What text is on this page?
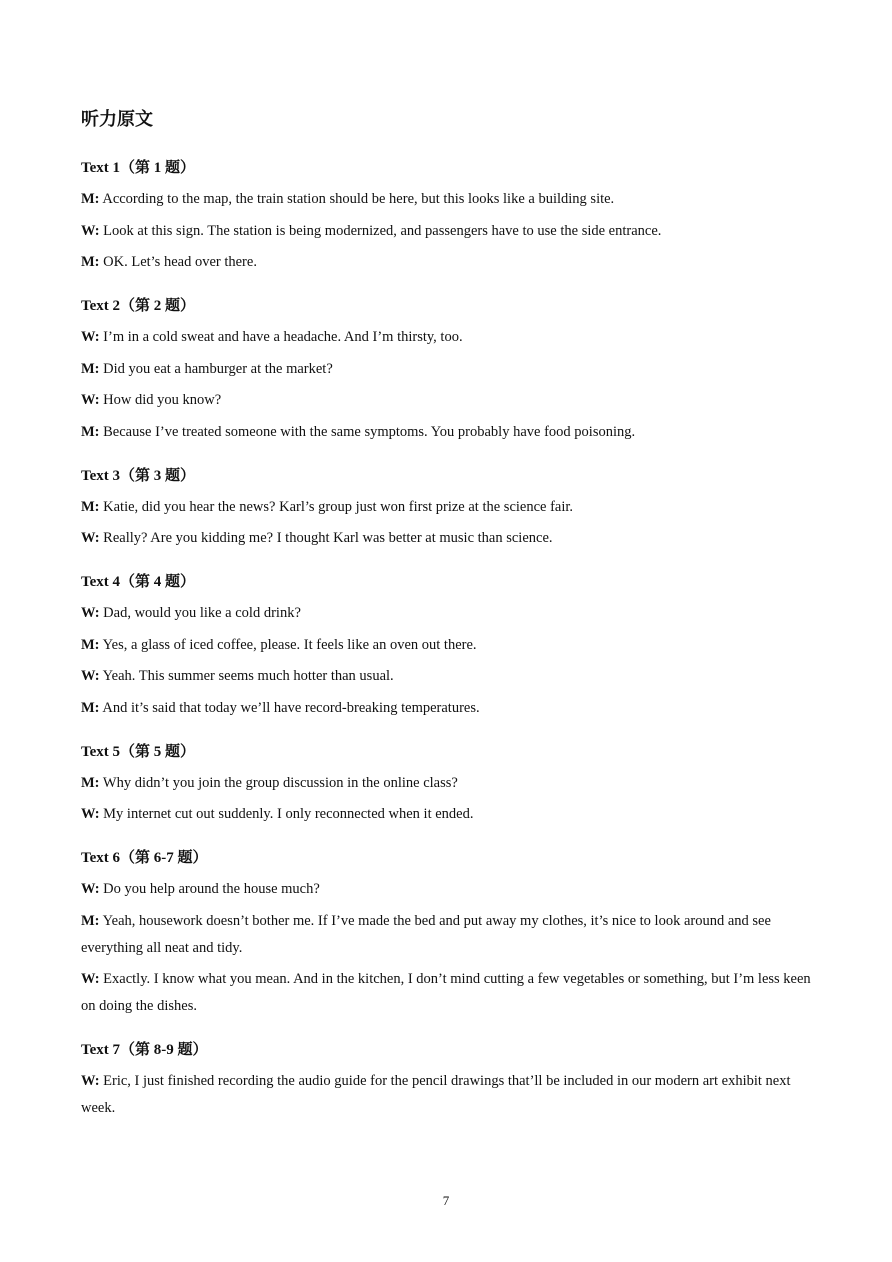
听力原文
Text 1（第 1 题）
M: According to the map, the train station should be here, but this looks like a building site.
W: Look at this sign. The station is being modernized, and passengers have to use the side entrance.
M: OK. Let’s head over there.
Text 2（第 2 题）
W: I’m in a cold sweat and have a headache. And I’m thirsty, too.
M: Did you eat a hamburger at the market?
W: How did you know?
M: Because I’ve treated someone with the same symptoms. You probably have food poisoning.
Text 3（第 3 题）
M: Katie, did you hear the news? Karl’s group just won first prize at the science fair.
W: Really? Are you kidding me? I thought Karl was better at music than science.
Text 4（第 4 题）
W: Dad, would you like a cold drink?
M: Yes, a glass of iced coffee, please. It feels like an oven out there.
W: Yeah. This summer seems much hotter than usual.
M: And it’s said that today we’ll have record-breaking temperatures.
Text 5（第 5 题）
M: Why didn’t you join the group discussion in the online class?
W: My internet cut out suddenly. I only reconnected when it ended.
Text 6（第 6-7 题）
W: Do you help around the house much?
M: Yeah, housework doesn’t bother me. If I’ve made the bed and put away my clothes, it’s nice to look around and see everything all neat and tidy.
W: Exactly. I know what you mean. And in the kitchen, I don’t mind cutting a few vegetables or something, but I’m less keen on doing the dishes.
Text 7（第 8-9 题）
W: Eric, I just finished recording the audio guide for the pencil drawings that’ll be included in our modern art exhibit next week.
7
